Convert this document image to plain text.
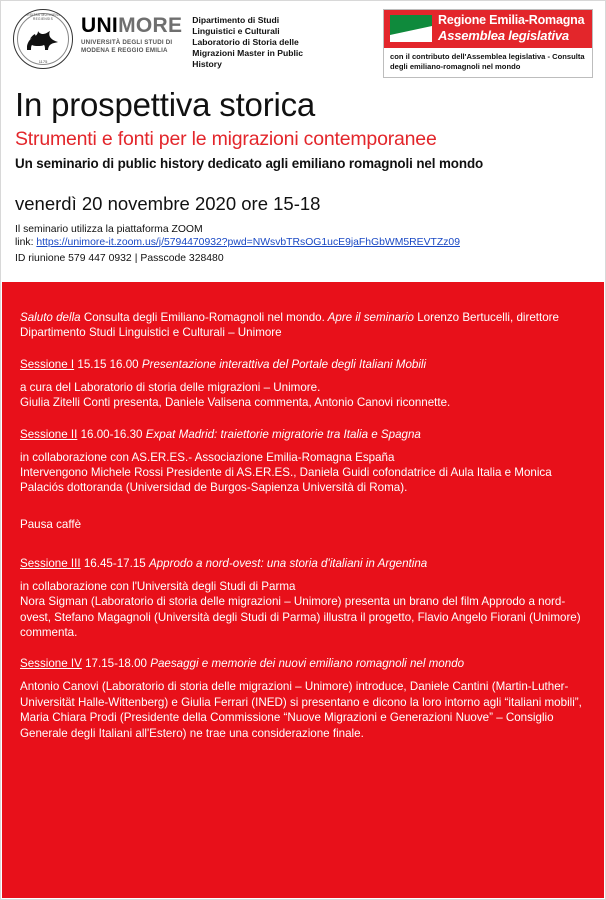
UNIVERSITAS MUTINENSIS ET REGIENSIS
1175
UNIMORE
UNIVERSITÀ DEGLI STUDI DI
MODENA E REGGIO EMILIA
Dipartimento di Studi Linguistici e Culturali Laboratorio di Storia delle Migrazioni Master in Public History
Regione Emilia-Romagna
Assemblea legislativa
con il contributo dell'Assemblea legislativa - Consulta degli emiliano-romagnoli nel mondo
In prospettiva storica
Strumenti e fonti per le migrazioni contemporanee
Un seminario di public history dedicato agli emiliano romagnoli nel mondo
venerdì 20 novembre 2020 ore 15-18
Il seminario utilizza la piattaforma ZOOM
link: https://unimore-it.zoom.us/j/5794470932?pwd=NWsvbTRsOG1ucE9jaFhGbWM5REVTZz09
ID riunione 579 447 0932 | Passcode 328480
Saluto della Consulta degli Emiliano-Romagnoli nel mondo. Apre il seminario Lorenzo Bertucelli, direttore Dipartimento Studi Linguistici e Culturali – Unimore
Sessione I 15.15 16.00 Presentazione interattiva del Portale degli Italiani Mobili
a cura del Laboratorio di storia delle migrazioni – Unimore.
Giulia Zitelli Conti presenta, Daniele Valisena commenta, Antonio Canovi riconnette.
Sessione II 16.00-16.30 Expat Madrid: traiettorie migratorie tra Italia e Spagna
in collaborazione con AS.ER.ES.- Associazione Emilia-Romagna España
Intervengono Michele Rossi Presidente di AS.ER.ES., Daniela Guidi cofondatrice di Aula Italia e Monica Palaciós dottoranda (Universidad de Burgos-Sapienza Università di Roma).
Pausa caffè
Sessione III 16.45-17.15 Approdo a nord-ovest: una storia d'italiani in Argentina
in collaborazione con l'Università degli Studi di Parma
Nora Sigman (Laboratorio di storia delle migrazioni – Unimore) presenta un brano del film Approdo a nord-ovest, Stefano Magagnoli (Università degli Studi di Parma) illustra il progetto, Flavio Angelo Fiorani (Unimore) commenta.
Sessione IV 17.15-18.00 Paesaggi e memorie dei nuovi emiliano romagnoli nel mondo
Antonio Canovi (Laboratorio di storia delle migrazioni – Unimore) introduce, Daniele Cantini (Martin-Luther-Universität Halle-Wittenberg) e Giulia Ferrari (INED) si presentano e dicono la loro intorno agli “italiani mobili”, Maria Chiara Prodi (Presidente della Commissione “Nuove Migrazioni e Generazioni Nuove” – Consiglio Generale degli Italiani all'Estero) ne trae una considerazione finale.
